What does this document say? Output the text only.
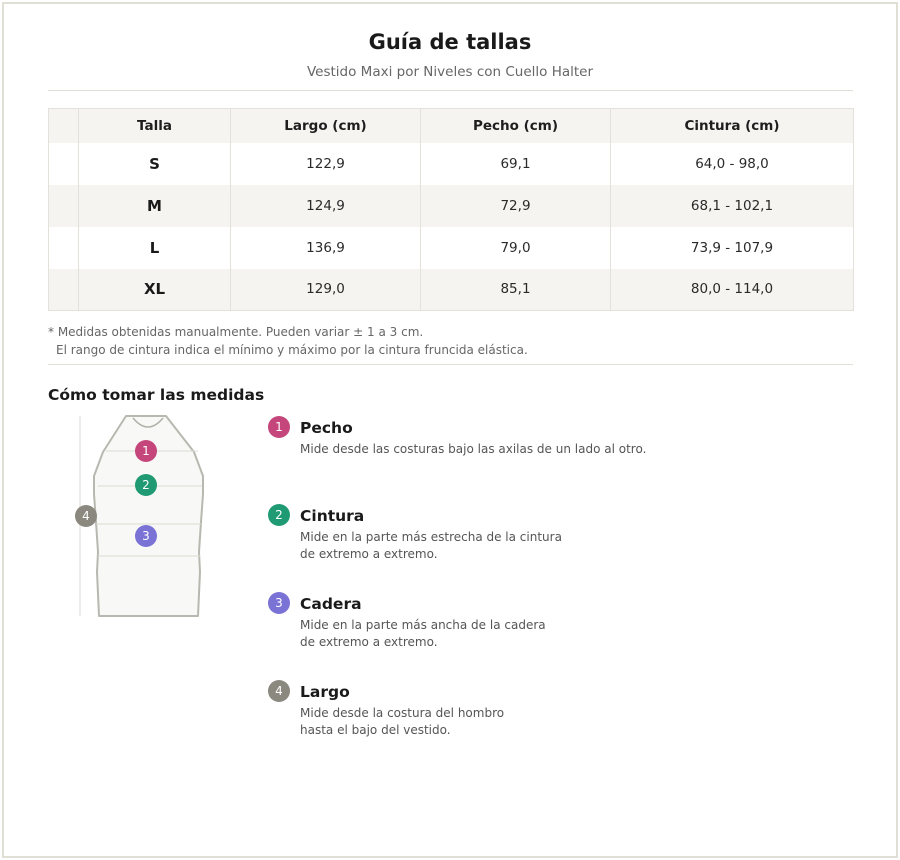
Guía de tallas
Vestido Maxi por Niveles con Cuello Halter
	Talla	Largo (cm)	Pecho (cm)	Cintura (cm)
	S	122,9	69,1	64,0 - 98,0
	M	124,9	72,9	68,1 - 102,1
	L	136,9	79,0	73,9 - 107,9
	XL	129,0	85,1	80,0 - 114,0
* Medidas obtenidas manualmente. Pueden variar ± 1 a 3 cm.
El rango de cintura indica el mínimo y máximo por la cintura fruncida elástica.
Cómo tomar las medidas
1
2
3
4
1	Pecho
Mide desde las costuras bajo las axilas de un lado al otro.
2	Cintura
Mide en la parte más estrecha de la cintura
de extremo a extremo.
3	Cadera
Mide en la parte más ancha de la cadera
de extremo a extremo.
4	Largo
Mide desde la costura del hombro
hasta el bajo del vestido.
